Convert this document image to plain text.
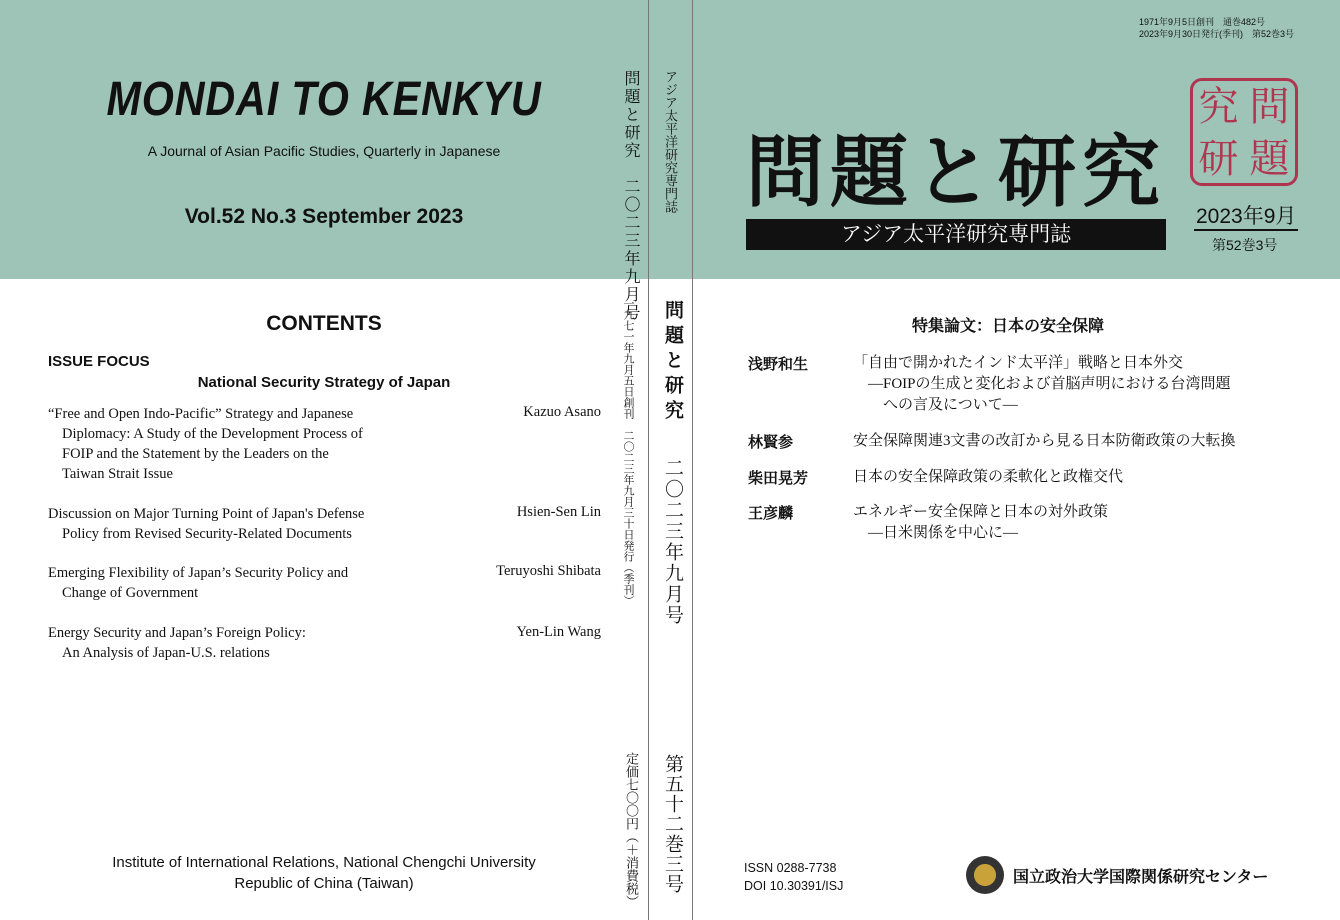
MONDAI TO KENKYU
A Journal of Asian Pacific Studies, Quarterly in Japanese
Vol.52 No.3 September 2023
CONTENTS
ISSUE FOCUS
National Security Strategy of Japan
“Free and Open Indo-Pacific” Strategy and Japanese
Diplomacy: A Study of the Development Process of
FOIP and the Statement by the Leaders on the
Taiwan Strait Issue
Kazuo Asano
Discussion on Major Turning Point of Japan's Defense
Policy from Revised Security-Related Documents
Hsien-Sen Lin
Emerging Flexibility of Japan’s Security Policy and
Change of Government
Teruyoshi Shibata
Energy Security and Japan’s Foreign Policy:
An Analysis of Japan-U.S. relations
Yen-Lin Wang
Institute of International Relations, National Chengchi University
Republic of China (Taiwan)
問題と研究　二〇二三年九月号
一九七一年九月五日創刊　二〇二三年九月三十日発行（季刊）
定価七〇〇円（＋消費税）
アジア太平洋研究専門誌
問題と研究
二〇二三年九月号
第五十二巻三号
1971年9月5日創刊　通巻482号
2023年9月30日発行(季刊)　第52巻3号
問題と研究
アジア太平洋研究専門誌
究 問
研 題
2023年9月
第52巻3号
特集論文：日本の安全保障
浅野和生	「自由で開かれたインド太平洋」戦略と日本外交
　―FOIPの生成と変化および首脳声明における台湾問題
　　への言及について―
林賢参	安全保障関連3文書の改訂から見る日本防衛政策の大転換
柴田晃芳	日本の安全保障政策の柔軟化と政権交代
王彦麟	エネルギー安全保障と日本の対外政策
　―日米関係を中心に―
ISSN 0288-7738
DOI 10.30391/ISJ	国立政治大学国際関係研究センター
